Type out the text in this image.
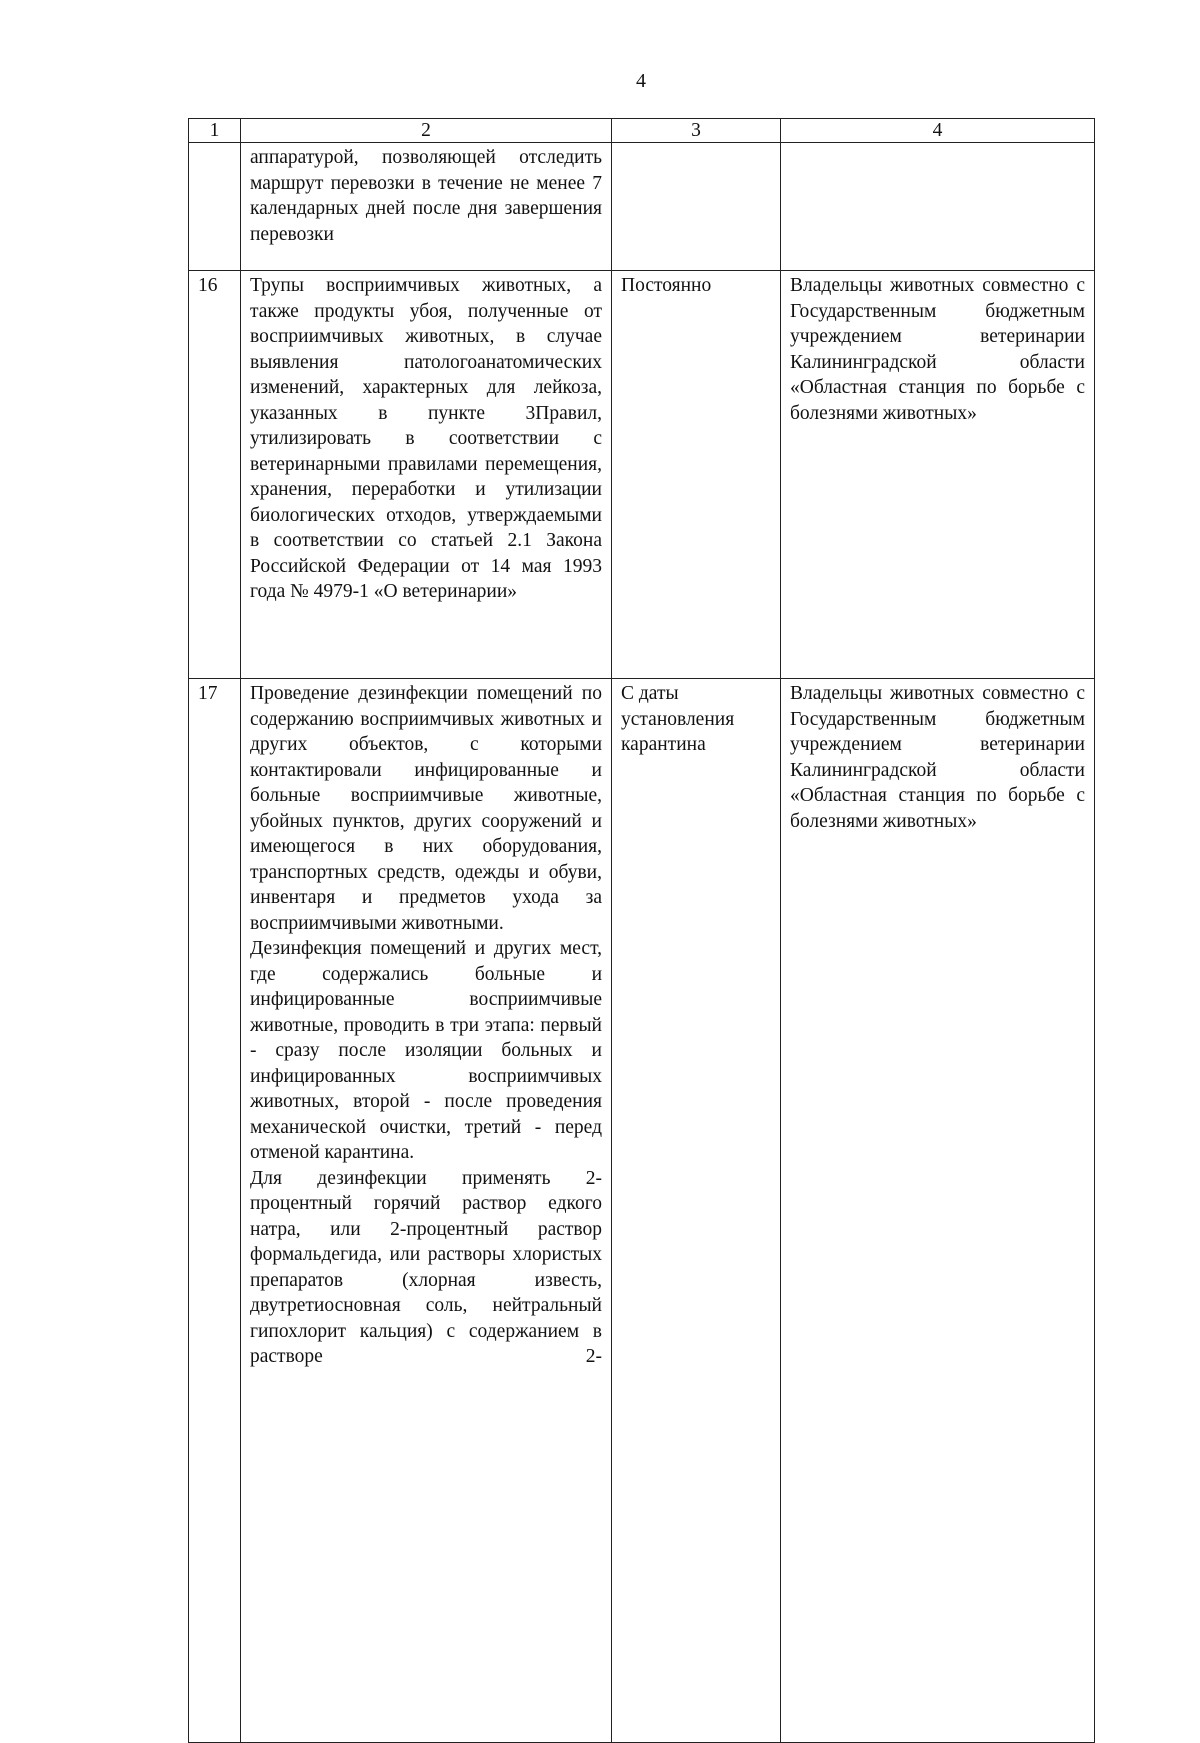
4
1	2	3	4

	аппаратурой, позволяющей отследить маршрут перевозки в течение не менее 7 календарных дней после дня завершения перевозки		

16	Трупы восприимчивых животных, а также продукты убоя, полученные от восприимчивых животных, в случае выявления патологоанатомических изменений, характерных для лейкоза, указанных в пункте 3Правил, утилизировать в соответствии с ветеринарными правилами перемещения, хранения, переработки и утилизации биологических отходов, утверждаемыми в соответствии со статьей 2.1 Закона Российской Федерации от 14 мая 1993 года № 4979-1 «О ветеринарии»	Постоянно	Владельцы животных совместно с Государственным бюджетным учреждением ветеринарии Калининградской области «Областная станция по борьбе с болезнями животных»
17	Проведение дезинфекции помещений по содержанию восприимчивых животных и других объектов, с которыми контактировали инфицированные и больные восприимчивые животные, убойных пунктов, других сооружений и имеющегося в них оборудования, транспортных средств, одежды и обуви, инвентаря и предметов ухода за восприимчивыми животными.

Дезинфекция помещений и других мест, где содержались больные и инфицированные восприимчивые животные, проводить в три этапа: первый - сразу после изоляции больных и инфицированных восприимчивых животных, второй - после проведения механической очистки, третий - перед отменой карантина.

Для дезинфекции применять 2-процентный горячий раствор едкого натра, или 2-процентный раствор формальдегида, или растворы хлористых препаратов (хлорная известь, двутретиосновная соль, нейтральный гипохлорит кальция) с содержанием в растворе 2-	С даты установления карантина	Владельцы животных совместно с Государственным бюджетным учреждением ветеринарии Калининградской области «Областная станция по борьбе с болезнями животных»
